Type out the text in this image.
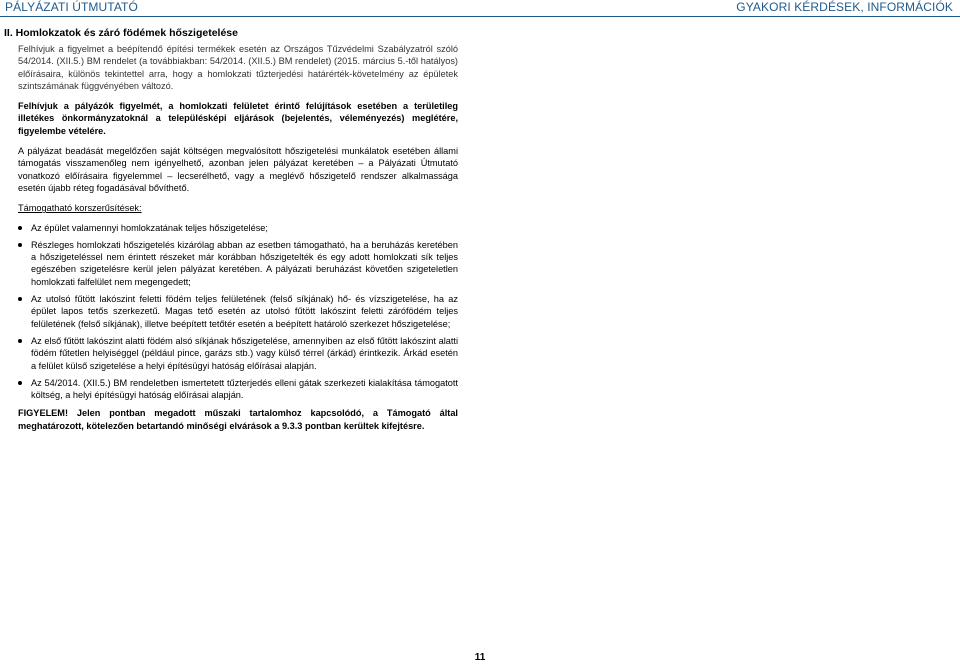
PÁLYÁZATI ÚTMUTATÓ	GYAKORI KÉRDÉSEK, INFORMÁCIÓK
II. Homlokzatok és záró födémek hőszigetelése

Felhívjuk a figyelmet a beépítendő építési termékek esetén az Országos Tűzvédelmi Szabályzatról szóló 54/2014. (XII.5.) BM rendelet (a továbbiakban: 54/2014. (XII.5.) BM rendelet) (2015. március 5.-től hatályos) előírásaira, különös tekintettel arra, hogy a homlokzati tűzterjedési határérték-követelmény az épületek szintszámának függvényében változó.

Felhívjuk a pályázók figyelmét, a homlokzati felületet érintő felújítások esetében a területileg illetékes önkormányzatoknál a településképi eljárások (bejelentés, véleményezés) meglétére, figyelembe vételére.

A pályázat beadását megelőzően saját költségen megvalósított hőszigetelési munkálatok esetében állami támogatás visszamenőleg nem igényelhető, azonban jelen pályázat keretében – a Pályázati Útmutató vonatkozó előírásaira figyelemmel – lecserélhető, vagy a meglévő hőszigetelő rendszer alkalmassága esetén újabb réteg fogadásával bővíthető.

Támogatható korszerűsítések:
Az épület valamennyi homlokzatának teljes hőszigetelése;
Részleges homlokzati hőszigetelés kizárólag abban az esetben támogatható, ha a beruházás keretében a hőszigeteléssel nem érintett részeket már korábban hőszigetelték és egy adott homlokzati sík teljes egészében szigetelésre kerül jelen pályázat keretében. A pályázati beruházást követően szigeteletlen homlokzati falfelület nem megengedett;
Az utolsó fűtött lakószint feletti födém teljes felületének (felső síkjának) hő- és vízszigetelése, ha az épület lapos tetős szerkezetű. Magas tető esetén az utolsó fűtött lakószint feletti zárófödém teljes felületének (felső síkjának), illetve beépített tetőtér esetén a beépített határoló szerkezet hőszigetelése;
Az első fűtött lakószint alatti födém alsó síkjának hőszigetelése, amennyiben az első fűtött lakószint alatti födém fűtetlen helyiséggel (például pince, garázs stb.) vagy külső térrel (árkád) érintkezik. Árkád esetén a felület külső szigetelése a helyi építésügyi hatóság előírásai alapján.
Az 54/2014. (XII.5.) BM rendeletben ismertetett tűzterjedés elleni gátak szerkezeti kialakítása támogatott költség, a helyi építésügyi hatóság előírásai alapján.

FIGYELEM! Jelen pontban megadott műszaki tartalomhoz kapcsolódó, a Támogató által meghatározott, kötelezően betartandó minőségi elvárások a 9.3.3 pontban kerültek kifejtésre.

11
